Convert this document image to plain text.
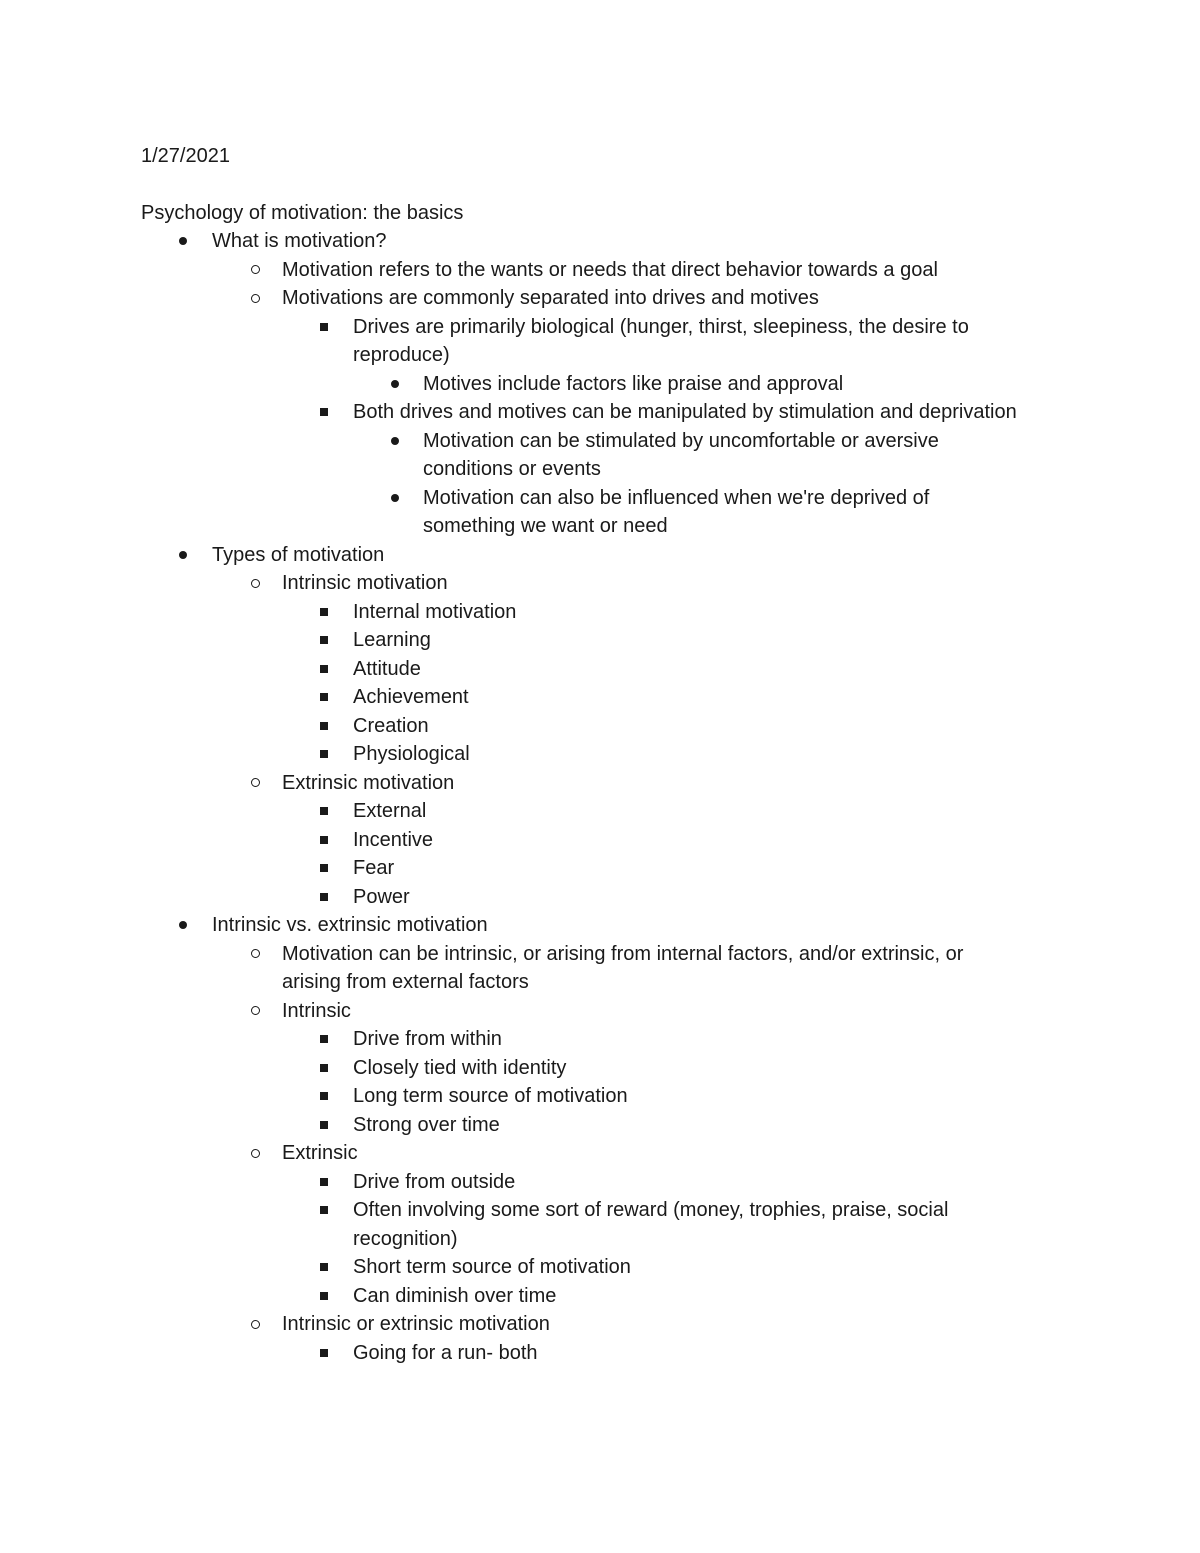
1/27/2021

Psychology of motivation: the basics

What is motivation?
Motivation refers to the wants or needs that direct behavior towards a goal
Motivations are commonly separated into drives and motives
Drives are primarily biological (hunger, thirst, sleepiness, the desire to reproduce)
Motives include factors like praise and approval
Both drives and motives can be manipulated by stimulation and deprivation
Motivation can be stimulated by uncomfortable or aversive conditions or events
Motivation can also be influenced when we're deprived of something we want or need
Types of motivation
Intrinsic motivation
Internal motivation
Learning
Attitude
Achievement
Creation
Physiological
Extrinsic motivation
External
Incentive
Fear
Power
Intrinsic vs. extrinsic motivation
Motivation can be intrinsic, or arising from internal factors, and/or extrinsic, or arising from external factors
Intrinsic
Drive from within
Closely tied with identity
Long term source of motivation
Strong over time
Extrinsic
Drive from outside
Often involving some sort of reward (money, trophies, praise, social recognition)
Short term source of motivation
Can diminish over time
Intrinsic or extrinsic motivation
Going for a run- both
